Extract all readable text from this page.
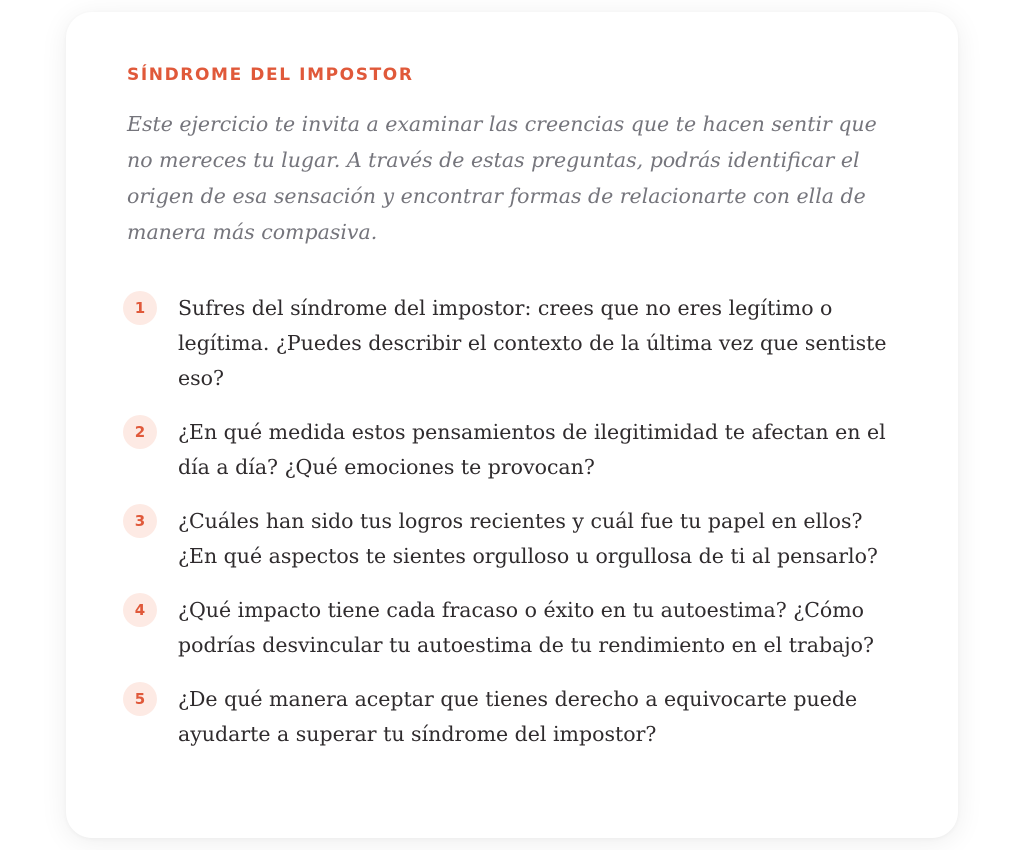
SÍNDROME DEL IMPOSTOR

Este ejercicio te invita a examinar las creencias que te hacen sentir que no mereces tu lugar. A través de estas preguntas, podrás identificar el origen de esa sensación y encontrar formas de relacionarte con ella de manera más compasiva.

1	Sufres del síndrome del impostor: crees que no eres legítimo o legítima. ¿Puedes describir el contexto de la última vez que sentiste eso?
2	¿En qué medida estos pensamientos de ilegitimidad te afectan en el día a día? ¿Qué emociones te provocan?
3	¿Cuáles han sido tus logros recientes y cuál fue tu papel en ellos? ¿En qué aspectos te sientes orgulloso u orgullosa de ti al pensarlo?
4	¿Qué impacto tiene cada fracaso o éxito en tu autoestima? ¿Cómo podrías desvincular tu autoestima de tu rendimiento en el trabajo?
5	¿De qué manera aceptar que tienes derecho a equivocarte puede ayudarte a superar tu síndrome del impostor?
